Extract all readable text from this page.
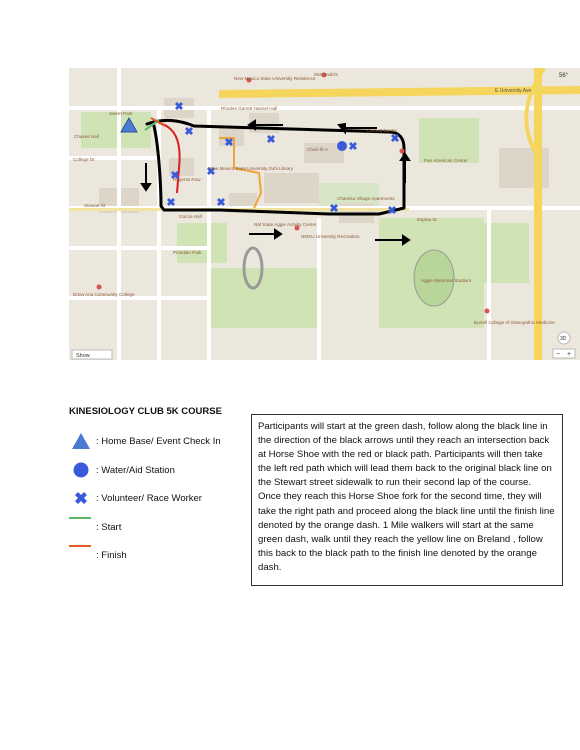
McDonald's
New Mexico State University Residence
Rhodes Garrett Hamiel Hall
Chick-fil-A
New Mexico State University Zuhl Library
Corbett Center
Pan American Center
Chamisa Village Apartments
NM State Aggie Activity Center
NMSU University Recreation
Aggie Memorial Stadium
Pinedale Park
Dona Ana Community College
Burrell College of Osteopathic Medicine
Garcia Hall
Chaves Hall
Regents Row
College Dr
Stewart St
Espina St
Sweet Park
E University Ave
56°
Show
3D
− +
KINESIOLOGY CLUB 5K COURSE
: Home Base/ Event Check In
: Water/Aid Station
: Volunteer/ Race Worker
: Start
: Finish
Participants will start at the green dash, follow along the black line in the direction of the black arrows until they reach an intersection back at Horse Shoe with the red or black path. Participants will then take the left red path which will lead them back to the original black line on the Stewart street sidewalk to run their second lap of the course. Once they reach this Horse Shoe fork for the second time, they will take the right path and proceed along the black line until the finish line denoted by the orange dash. 1 Mile walkers will start at the same green dash, walk until they reach the yellow line on Breland , follow this back to the black path to the finish line denoted by the orange dash.
